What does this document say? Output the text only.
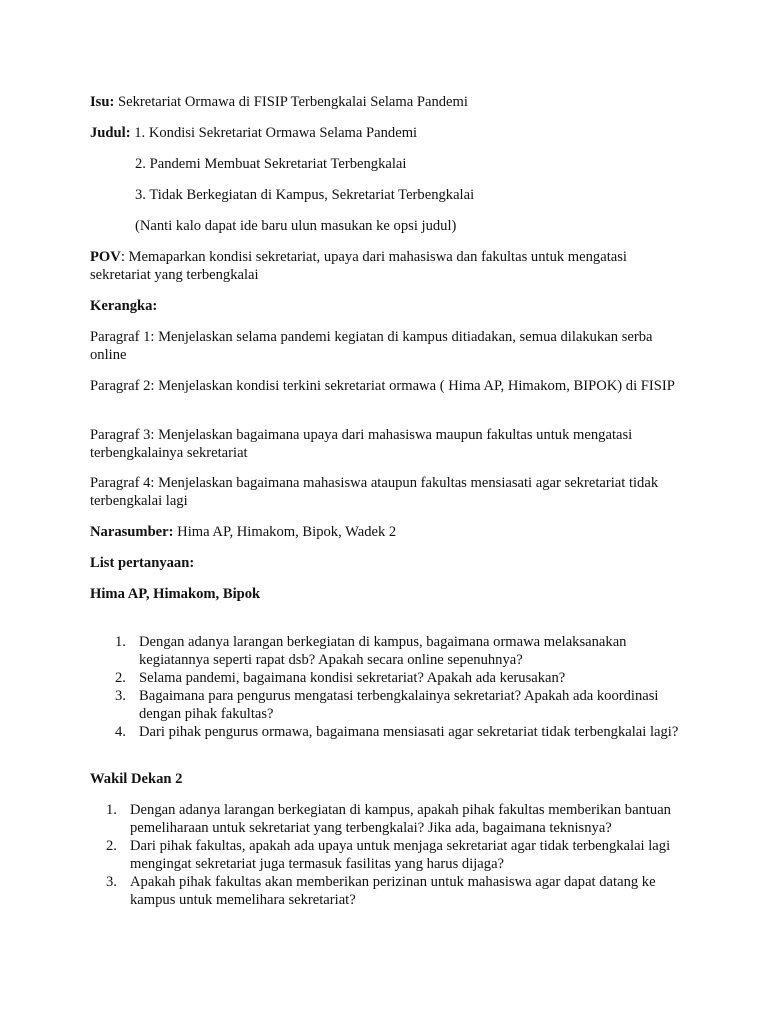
Isu: Sekretariat Ormawa di FISIP Terbengkalai Selama Pandemi

Judul: 1. Kondisi Sekretariat Ormawa Selama Pandemi

2. Pandemi Membuat Sekretariat Terbengkalai

3. Tidak Berkegiatan di Kampus, Sekretariat Terbengkalai

(Nanti kalo dapat ide baru ulun masukan ke opsi judul)

POV: Memaparkan kondisi sekretariat, upaya dari mahasiswa dan fakultas untuk mengatasi sekretariat yang terbengkalai

Kerangka:

Paragraf 1: Menjelaskan selama pandemi kegiatan di kampus ditiadakan, semua dilakukan serba online

Paragraf 2: Menjelaskan kondisi terkini sekretariat ormawa ( Hima AP, Himakom, BIPOK) di FISIP

Paragraf 3: Menjelaskan bagaimana upaya dari mahasiswa maupun fakultas untuk mengatasi terbengkalainya sekretariat

Paragraf 4: Menjelaskan bagaimana mahasiswa ataupun fakultas mensiasati agar sekretariat tidak terbengkalai lagi

Narasumber: Hima AP, Himakom, Bipok, Wadek 2

List pertanyaan:

Hima AP, Himakom, Bipok

1. Dengan adanya larangan berkegiatan di kampus, bagaimana ormawa melaksanakan kegiatannya seperti rapat dsb? Apakah secara online sepenuhnya?
2. Selama pandemi, bagaimana kondisi sekretariat? Apakah ada kerusakan?
3. Bagaimana para pengurus mengatasi terbengkalainya sekretariat? Apakah ada koordinasi dengan pihak fakultas?
4. Dari pihak pengurus ormawa, bagaimana mensiasati agar sekretariat tidak terbengkalai lagi?

Wakil Dekan 2

1. Dengan adanya larangan berkegiatan di kampus, apakah pihak fakultas memberikan bantuan pemeliharaan untuk sekretariat yang terbengkalai? Jika ada, bagaimana teknisnya?
2. Dari pihak fakultas, apakah ada upaya untuk menjaga sekretariat agar tidak terbengkalai lagi mengingat sekretariat juga termasuk fasilitas yang harus dijaga?
3. Apakah pihak fakultas akan memberikan perizinan untuk mahasiswa agar dapat datang ke kampus untuk memelihara sekretariat?
